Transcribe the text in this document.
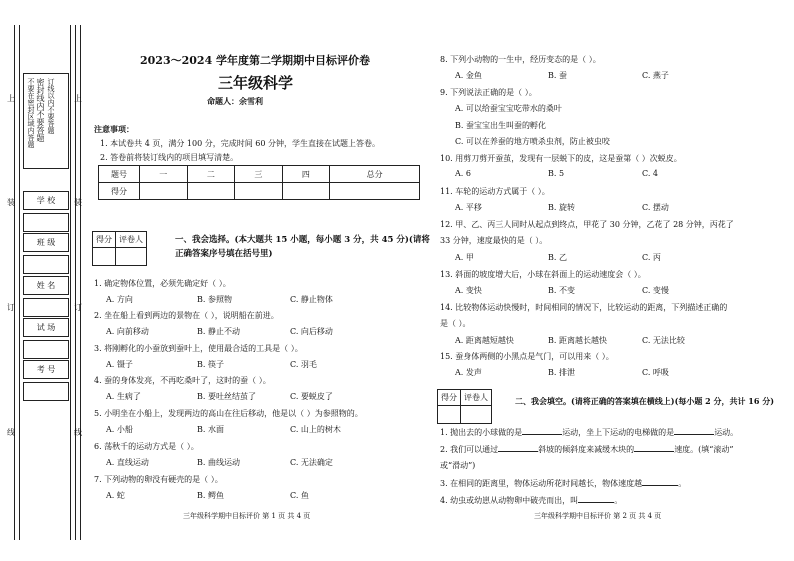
不要在密封区域内答题 密封线内不要答题 订线以内不要答题
上	上
装
订
线
装
订
线
学 校
班 级
姓 名
试 场
考 号
2023～2024 学年度第二学期期中目标评价卷
三年级科学
命题人：余雪利
注意事项：
1. 本试卷共 4 页，满分 100 分，完成时间 60 分钟，学生直接在试题上答卷。
2. 答卷前将装订线内的项目填写清楚。
题号	一	二	三	四	总分
得分					
得分	评卷人
		一、我会选择。(本大题共 15 小题，每小题 3 分，共 45 分)(请将
正确答案序号填在括号里)
1. 确定物体位置，必须先确定好（ ）。
A. 方向	B. 参照物	C. 静止物体
2. 坐在船上看到两边的景物在（ ），说明船在前进。
A. 向前移动	B. 静止不动	C. 向后移动
3. 将刚孵化的小蚕放到蚕叶上，使用最合适的工具是（ ）。
A. 镊子	B. 筷子	C. 羽毛
4. 蚕的身体发亮，不再吃桑叶了，这时的蚕（ ）。
A. 生病了	B. 要吐丝结茧了	C. 要蜕皮了
5. 小明坐在小船上，发现两边的高山在往后移动，他是以（ ）为参照物的。
A. 小船	B. 水面	C. 山上的树木
6. 荡秋千的运动方式是（ ）。
A. 直线运动	B. 曲线运动	C. 无法确定
7. 下列动物的卵没有硬壳的是（ ）。
A. 蛇	B. 鳄鱼	C. 鱼
三年级科学期中目标评价 第 1 页 共 4 页
8. 下列小动物的一生中，经历变态的是（ ）。
A. 金鱼	B. 蚕	C. 燕子
9. 下列说法正确的是（ ）。
A. 可以给蚕宝宝吃带水的桑叶
B. 蚕宝宝出生叫蚕的孵化
C. 可以在养蚕的地方喷杀虫剂，防止被虫咬
10. 用剪刀剪开蚕茧，发现有一层蜕下的皮，这是蚕第（ ）次蜕皮。
A. 6	B. 5	C. 4
11. 车轮的运动方式属于（ ）。
A. 平移	B. 旋转	C. 摆动
12. 甲、乙、丙三人同时从起点到终点，甲花了 30 分钟，乙花了 28 分钟，丙花了
33 分钟，速度最快的是（ ）。
A. 甲	B. 乙	C. 丙
13. 斜面的坡度增大后，小球在斜面上的运动速度会（ ）。
A. 变快	B. 不变	C. 变慢
14. 比较物体运动快慢时，时间相同的情况下，比较运动的距离，下列描述正确的
是（ ）。
A. 距离越短越快	B. 距离越长越快	C. 无法比较
15. 蚕身体两侧的小黑点是气门，可以用来（ ）。
A. 发声	B. 排泄	C. 呼吸
得分	评卷人
		二、我会填空。(请将正确的答案填在横线上)(每小题 2 分，共计 16 分)
1. 抛出去的小球做的是	运动，坐上下运动的电梯做的是	运动。
2. 我们可以通过	斜坡的倾斜度来减缓木块的	速度。(填“滚动”
或“滑动”)
3. 在相同的距离里，物体运动所花时间越长，物体速度越	。
4. 幼虫或幼崽从动物卵中破壳而出，叫	。
三年级科学期中目标评价 第 2 页 共 4 页
